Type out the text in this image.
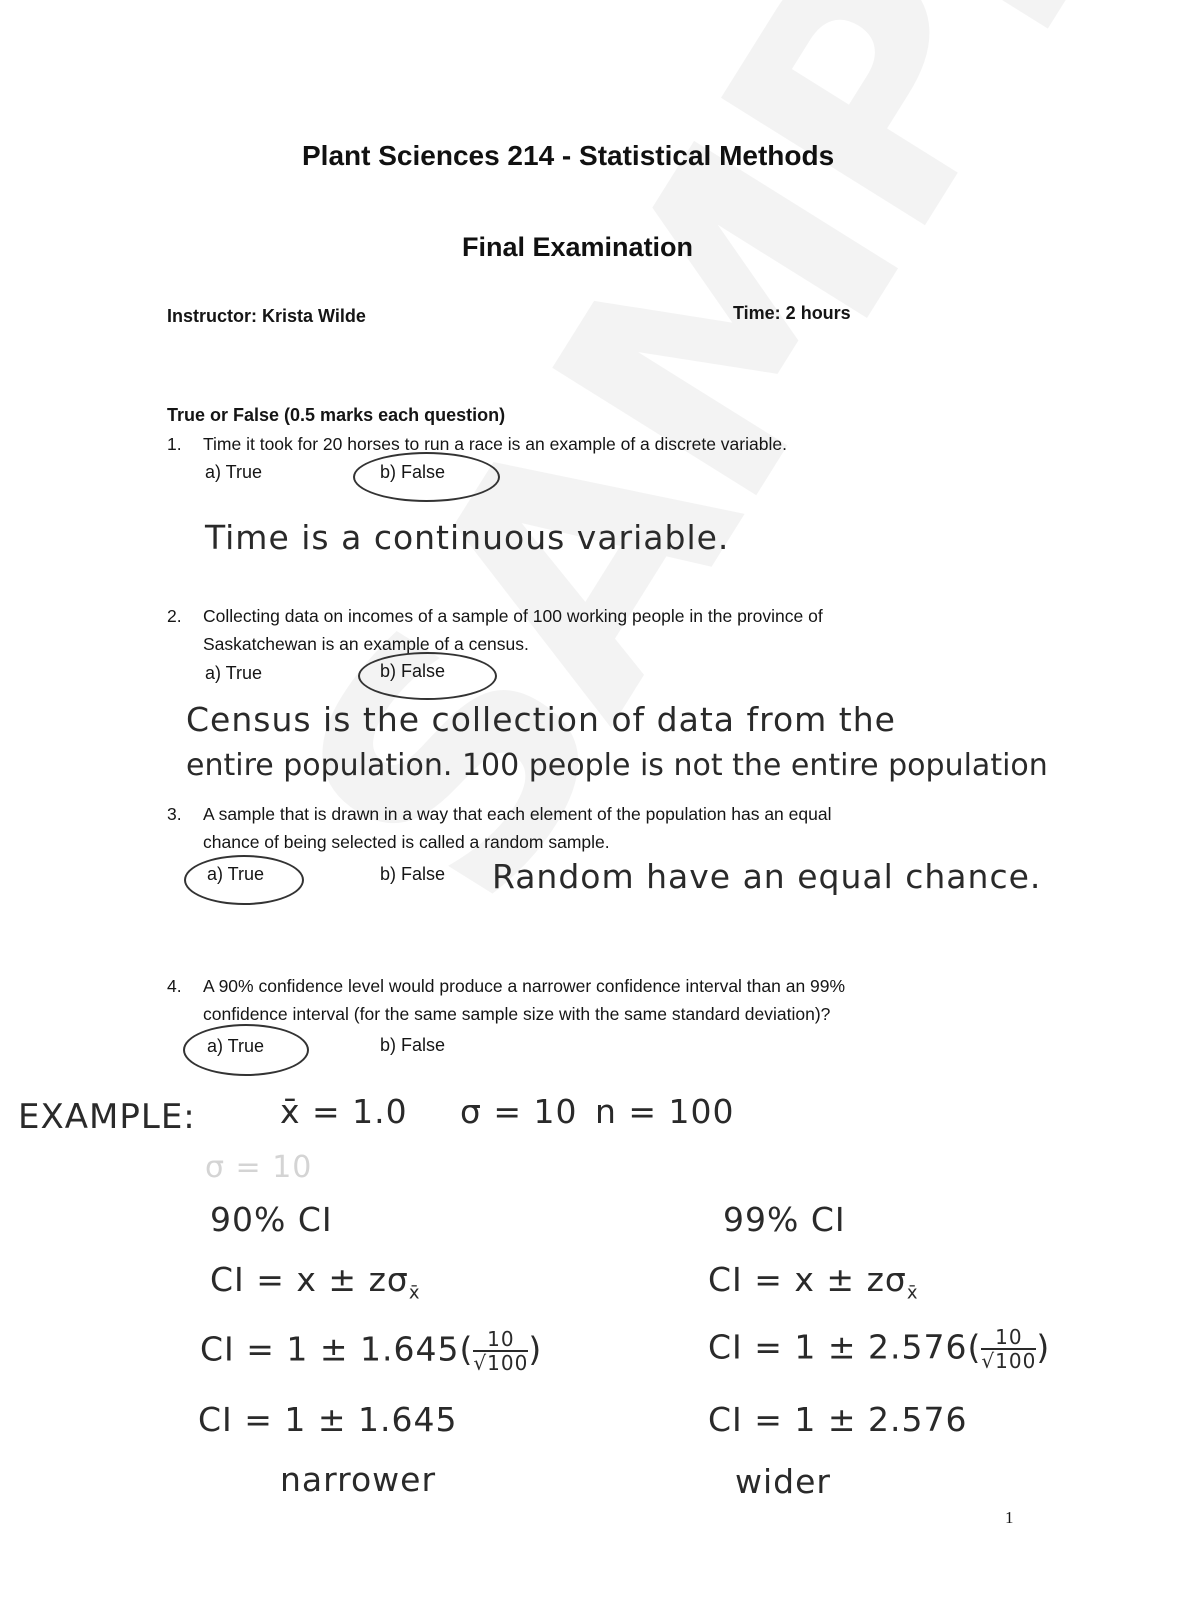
Plant Sciences 214 - Statistical Methods
Final Examination
Instructor: Krista Wilde	Time: 2 hours
True or False (0.5 marks each question)
1. Time it took for 20 horses to run a race is an example of a discrete variable.
a) True	b) False
Time is a continuous variable.
2. Collecting data on incomes of a sample of 100 working people in the province of
Saskatchewan is an example of a census.
a) True	b) False
Census is the collection of data from the
entire population. 100 people is not the entire population
3. A sample that is drawn in a way that each element of the population has an equal
chance of being selected is called a random sample.
a) True	b) False Random have an equal chance.
4. A 90% confidence level would produce a narrower confidence interval than an 99%
confidence interval (for the same sample size with the same standard deviation)?
a) True	b) False
EXAMPLE:	x̄ = 1.0 σ = 10 n = 100
σ = 10
90% CI
CI = $x \pm z\sigma_{x̄}$
CI = $1 \pm 1.645( \frac{10}{√100})$
CI = 1 ± 1.645
narrower
99% CI
CI = $x \pm z\sigma_{x̄}$
CI = $1 \pm 2.576( \frac{10}{√100})$
CI = 1 ± 2.576
wider
1
